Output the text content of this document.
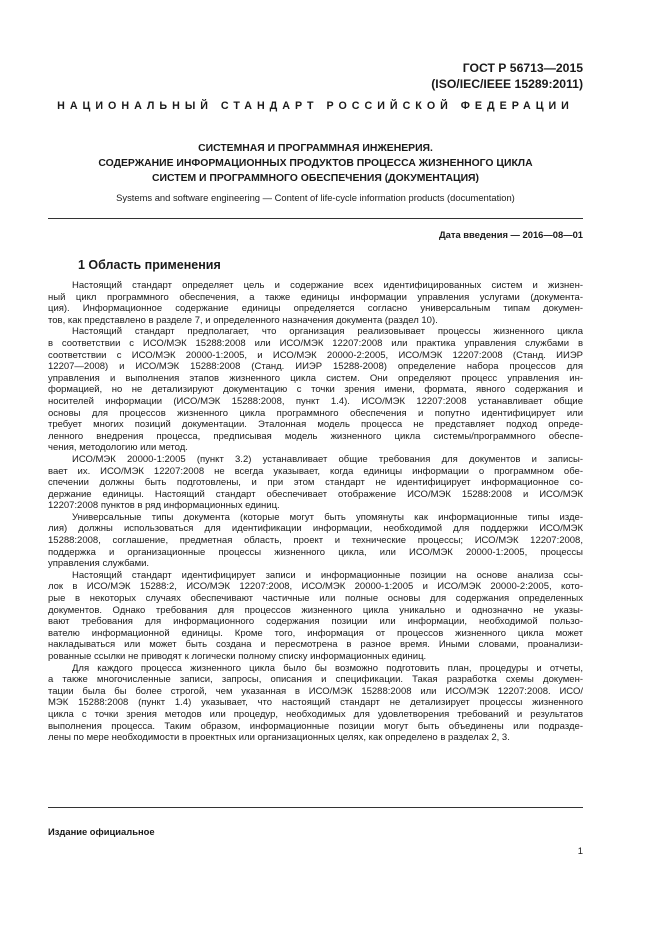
ГОСТ Р 56713—2015
(ISO/IEC/IEEE 15289:2011)
НАЦИОНАЛЬНЫЙ СТАНДАРТ РОССИЙСКОЙ ФЕДЕРАЦИИ
СИСТЕМНАЯ И ПРОГРАММНАЯ ИНЖЕНЕРИЯ.
СОДЕРЖАНИЕ ИНФОРМАЦИОННЫХ ПРОДУКТОВ ПРОЦЕССА ЖИЗНЕННОГО ЦИКЛА
СИСТЕМ И ПРОГРАММНОГО ОБЕСПЕЧЕНИЯ (ДОКУМЕНТАЦИЯ)
Systems and software engineering — Content of life-cycle information products (documentation)
Дата введения — 2016—08—01
1 Область применения
Настоящий стандарт определяет цель и содержание всех идентифицированных систем и жизнен-
ный цикл программного обеспечения, а также единицы информации управления услугами (документа-
ция). Информационное содержание единицы определяется согласно универсальным типам докумен-
тов, как представлено в разделе 7, и определенного назначения документа (раздел 10).
Настоящий стандарт предполагает, что организация реализовывает процессы жизненного цикла
в соответствии с ИСО/МЭК 15288:2008 или ИСО/МЭК 12207:2008 или практика управления службами в
соответствии с ИСО/МЭК 20000-1:2005, и ИСО/МЭК 20000-2:2005, ИСО/МЭК 12207:2008 (Станд. ИИЭР
12207—2008) и ИСО/МЭК 15288:2008 (Станд. ИИЭР 15288-2008) определение набора процессов для
управления и выполнения этапов жизненного цикла систем. Они определяют процесс управления ин-
формацией, но не детализируют документацию с точки зрения имени, формата, явного содержания и
носителей информации (ИСО/МЭК 15288:2008, пункт 1.4). ИСО/МЭК 12207:2008 устанавливает общие
основы для процессов жизненного цикла программного обеспечения и попутно идентифицирует или
требует многих позиций документации. Эталонная модель процесса не представляет подход опреде-
ленного внедрения процесса, предписывая модель жизненного цикла системы/программного обеспе-
чения, методологию или метод.
ИСО/МЭК 20000-1:2005 (пункт 3.2) устанавливает общие требования для документов и записы-
вает их. ИСО/МЭК 12207:2008 не всегда указывает, когда единицы информации о программном обе-
спечении должны быть подготовлены, и при этом стандарт не идентифицирует информационное со-
держание единицы. Настоящий стандарт обеспечивает отображение ИСО/МЭК 15288:2008 и ИСО/МЭК
12207:2008 пунктов в ряд информационных единиц.
Универсальные типы документа (которые могут быть упомянуты как информационные типы изде-
лия) должны использоваться для идентификации информации, необходимой для поддержки ИСО/МЭК
15288:2008, соглашение, предметная область, проект и технические процессы; ИСО/МЭК 12207:2008,
поддержка и организационные процессы жизненного цикла, или ИСО/МЭК 20000-1:2005, процессы
управления службами.
Настоящий стандарт идентифицирует записи и информационные позиции на основе анализа ссы-
лок в ИСО/МЭК 15288:2, ИСО/МЭК 12207:2008, ИСО/МЭК 20000-1:2005 и ИСО/МЭК 20000-2:2005, кото-
рые в некоторых случаях обеспечивают частичные или полные основы для содержания определенных
документов. Однако требования для процессов жизненного цикла уникально и однозначно не указы-
вают требования для информационного содержания позиции или информации, необходимой пользо-
вателю информационной единицы. Кроме того, информация от процессов жизненного цикла может
накладываться или может быть создана и пересмотрена в разное время. Иными словами, проанализи-
рованные ссылки не приводят к логически полному списку информационных единиц.
Для каждого процесса жизненного цикла было бы возможно подготовить план, процедуры и отчеты,
а также многочисленные записи, запросы, описания и спецификации. Такая разработка схемы докумен-
тации была бы более строгой, чем указанная в ИСО/МЭК 15288:2008 или ИСО/МЭК 12207:2008. ИСО/
МЭК 15288:2008 (пункт 1.4) указывает, что настоящий стандарт не детализирует процессы жизненного
цикла с точки зрения методов или процедур, необходимых для удовлетворения требований и результатов
выполнения процесса. Таким образом, информационные позиции могут быть объединены или подразде-
лены по мере необходимости в проектных или организационных целях, как определено в разделах 2, 3.
Издание официальное
1
